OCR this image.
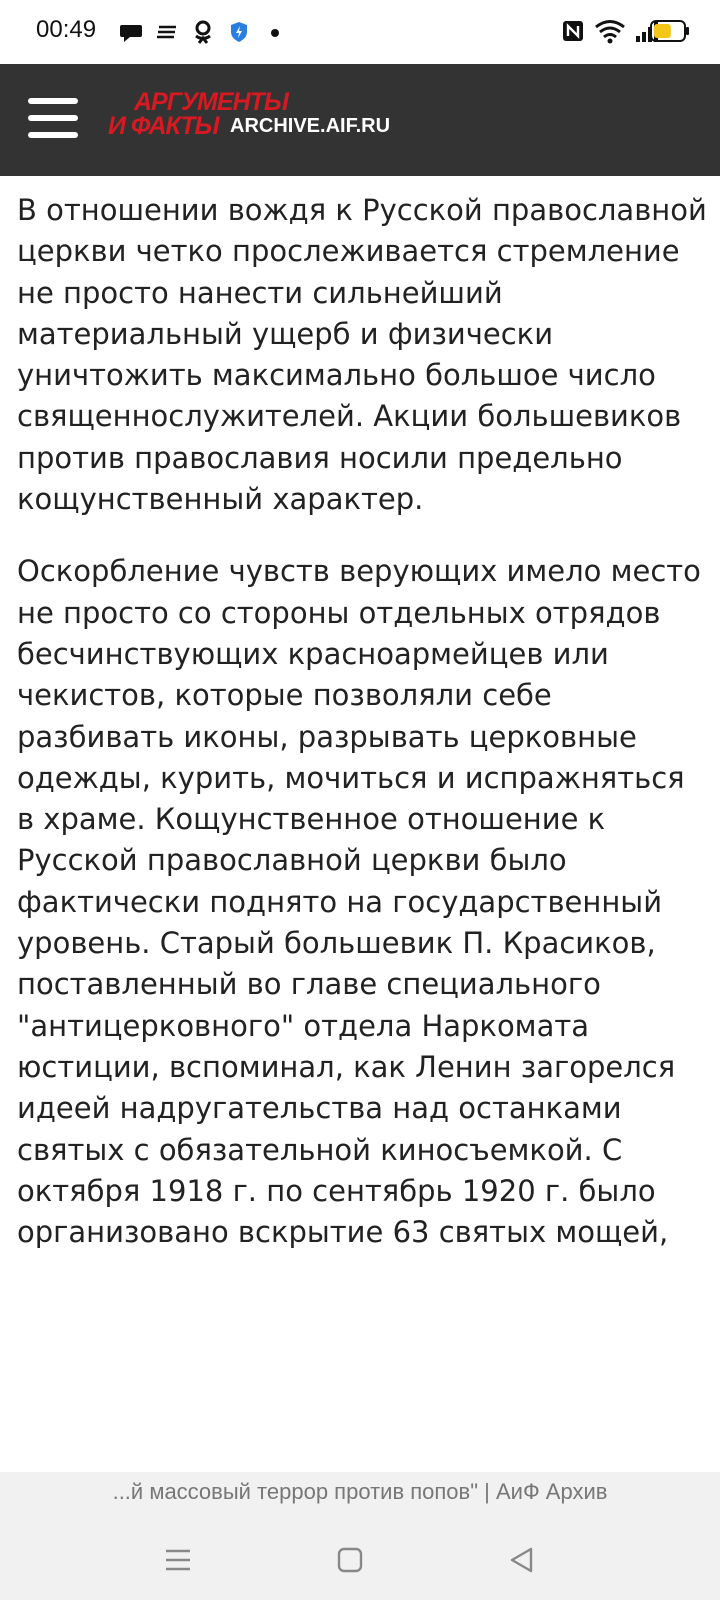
00:49
АРГУМЕНТЫ
И ФАКТЫ ARCHIVE.AIF.RU

В отношении вождя к Русской православной церкви четко прослеживается стремление не просто нанести сильнейший материальный ущерб и физически уничтожить максимально большое число священнослужителей. Акции большевиков против православия носили предельно кощунственный характер.

Оскорбление чувств верующих имело место не просто со стороны отдельных отрядов бесчинствующих красноармейцев или чекистов, которые позволяли себе разбивать иконы, разрывать церковные одежды, курить, мочиться и испражняться в храме. Кощунственное отношение к Русской православной церкви было фактически поднято на государственный уровень. Старый большевик П. Красиков, поставленный во главе специального "антицерковного" отдела Наркомата юстиции, вспоминал, как Ленин загорелся идеей надругательства над останками святых с обязательной киносъемкой. С октября 1918 г. по сентябрь 1920 г. было организовано вскрытие 63 святых мощей,

...й массовый террор против попов" | АиФ Архив
